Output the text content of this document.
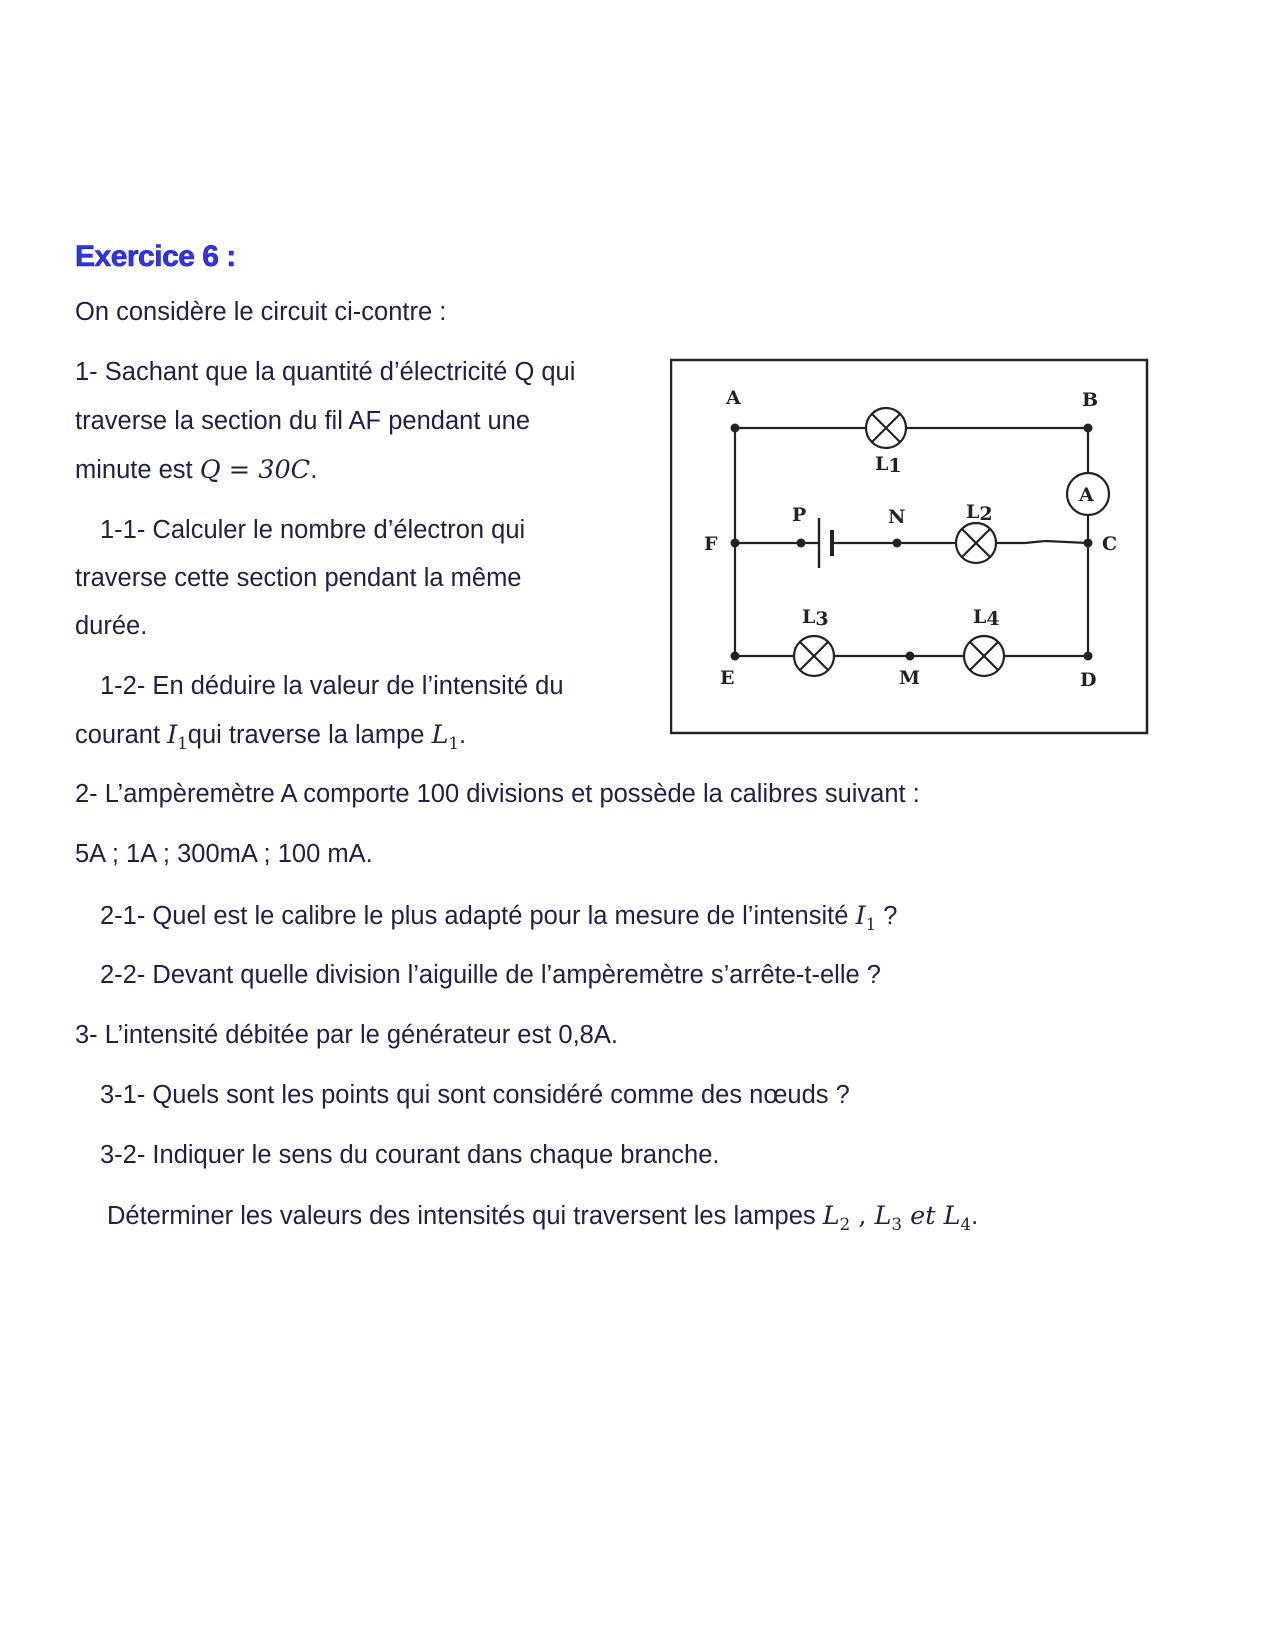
Exercice 6 :
On considère le circuit ci-contre :
1- Sachant que la quantité d’électricité Q qui
traverse la section du fil AF pendant une
minute est Q = 30C.
1-1- Calculer le nombre d’électron qui
traverse cette section pendant la même
durée.
1-2- En déduire la valeur de l’intensité du
courant $I_1qui$ traverse la lampe $L_1$.
2- L’ampèremètre A comporte 100 divisions et possède la calibres suivant :
5A ; 1A ; 300mA ; 100 mA.
2-1- Quel est le calibre le plus adapté pour la mesure de l’intensité $I_1$ ?
2-2- Devant quelle division l’aiguille de l’ampèremètre s’arrête-t-elle ?
3- L’intensité débitée par le générateur est 0,8A.
3-1- Quels sont les points qui sont considéré comme des nœuds ?
3-2- Indiquer le sens du courant dans chaque branche.
Déterminer les valeurs des intensités qui traversent les lampes $L_2$ , $L_3$ et $L_4$.
A	B
C
D
E
F
M
N
P
A
L1
L2
L3	L4
